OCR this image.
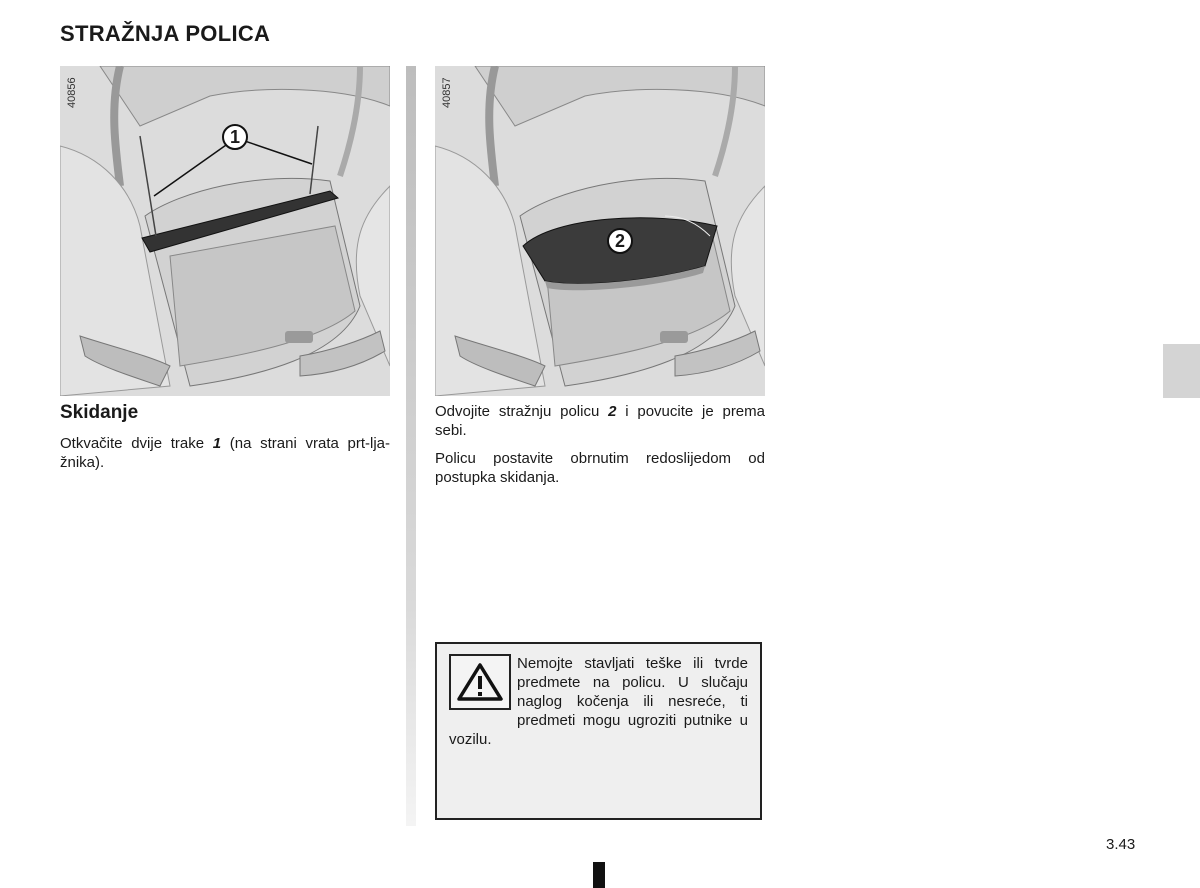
STRAŽNJA POLICA
1
40856
2
40857
Skidanje

Otkvačite dvije trake 1 (na strani vrata prt-lja-žnika).

Odvojite stražnju policu 2 i povucite je prema sebi.

Policu postavite obrnutim redoslijedom od postupka skidanja.

Nemojte stavljati teške ili tvrde predmete na policu. U slučaju naglog kočenja ili nesreće, ti predmeti mogu ugroziti putnike u vozilu.
3.43
